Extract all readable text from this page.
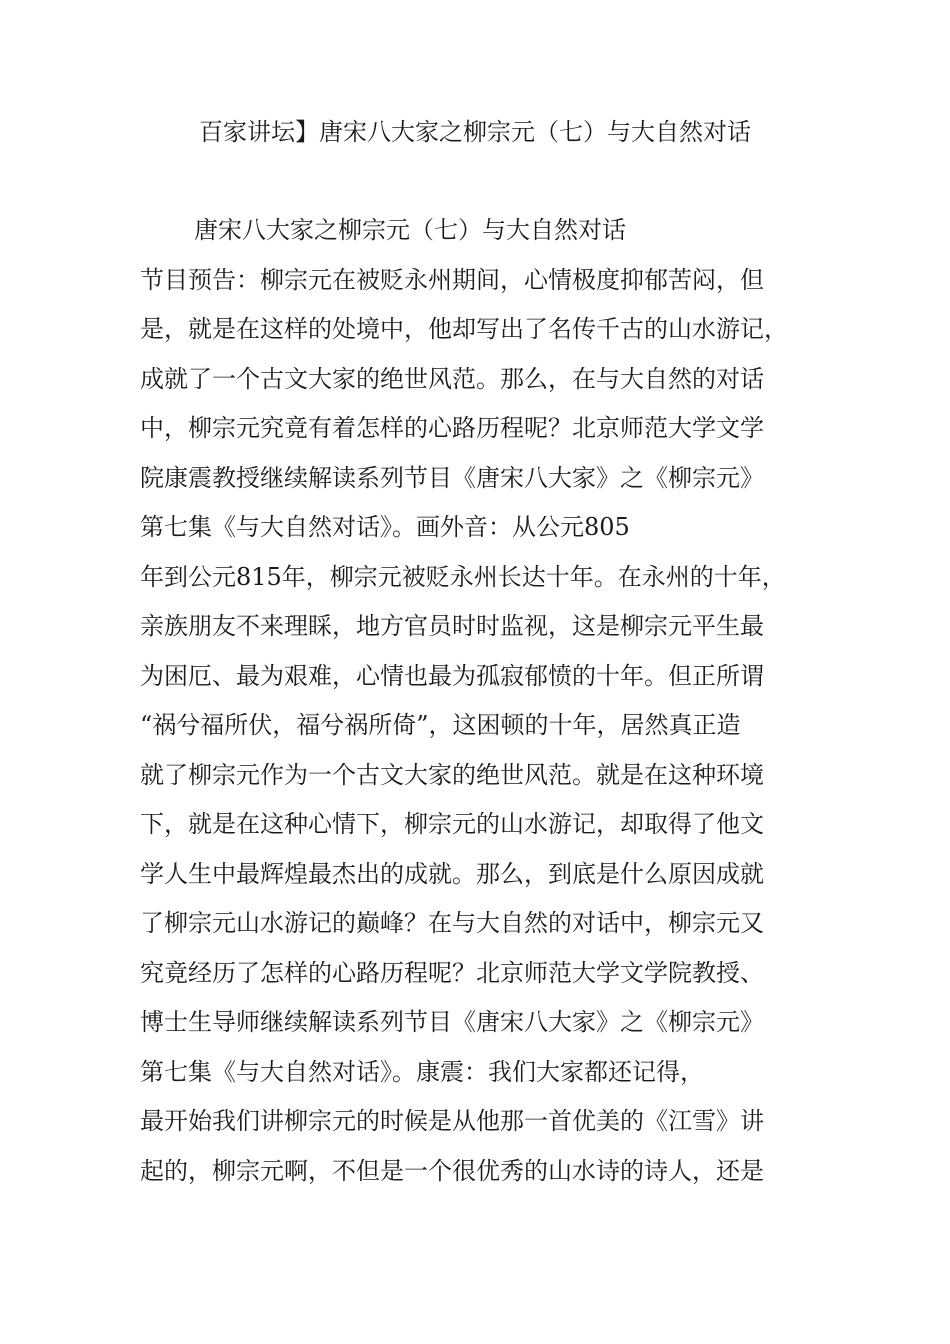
百家讲坛】唐宋八大家之柳宗元（七）与大自然对话
唐宋八大家之柳宗元（七）与大自然对话
节目预告：柳宗元在被贬永州期间，心情极度抑郁苦闷，但
是，就是在这样的处境中，他却写出了名传千古的山水游记，
成就了一个古文大家的绝世风范。那么，在与大自然的对话
中，柳宗元究竟有着怎样的心路历程呢？北京师范大学文学
院康震教授继续解读系列节目《唐宋八大家》之《柳宗元》
第七集《与大自然对话》。画外音：从公元805
年到公元815年，柳宗元被贬永州长达十年。在永州的十年，
亲族朋友不来理睬，地方官员时时监视，这是柳宗元平生最
为困厄、最为艰难，心情也最为孤寂郁愤的十年。但正所谓
“祸兮福所伏，福兮祸所倚”，这困顿的十年，居然真正造
就了柳宗元作为一个古文大家的绝世风范。就是在这种环境
下，就是在这种心情下，柳宗元的山水游记，却取得了他文
学人生中最辉煌最杰出的成就。那么，到底是什么原因成就
了柳宗元山水游记的巅峰？在与大自然的对话中，柳宗元又
究竟经历了怎样的心路历程呢？北京师范大学文学院教授、
博士生导师继续解读系列节目《唐宋八大家》之《柳宗元》
第七集《与大自然对话》。康震：我们大家都还记得，
最开始我们讲柳宗元的时候是从他那一首优美的《江雪》讲
起的，柳宗元啊，不但是一个很优秀的山水诗的诗人，还是
